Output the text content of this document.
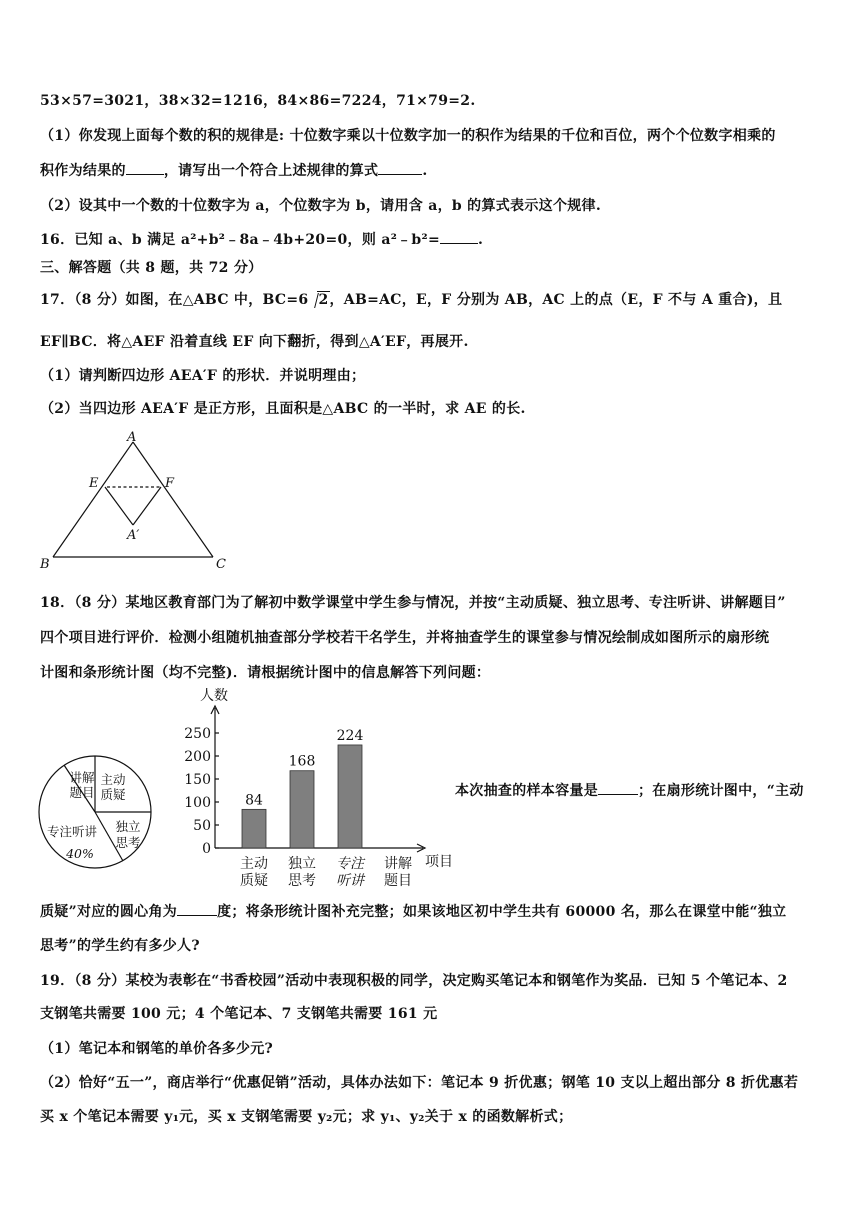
53×57=3021，38×32=1216，84×86=7224，71×79=2.
（1）你发现上面每个数的积的规律是: 十位数字乘以十位数字加一的积作为结果的千位和百位，两个个位数字相乘的
积作为结果的	，请写出一个符合上述规律的算式	.
（2）设其中一个数的十位数字为 a，个位数字为 b，请用含 a，b 的算式表示这个规律.
16．已知 a、b 满足 a²+b²﹣8a﹣4b+20=0，则 a²﹣b²=	.
三、解答题（共 8 题，共 72 分）
17．（8 分）如图，在△ABC 中，BC=6 2，AB=AC，E，F 分别为 AB，AC 上的点（E，F 不与 A 重合)，且
EF∥BC．将△AEF 沿着直线 EF 向下翻折，得到△A′EF，再展开.
（1）请判断四边形 AEA′F 的形状．并说明理由；
（2）当四边形 AEA′F 是正方形，且面积是△ABC 的一半时，求 AE 的长.
A
E	F
A′
B	C
18．（8 分）某地区教育部门为了解初中数学课堂中学生参与情况，并按“主动质疑、独立思考、专注听讲、讲解题目”
四个项目进行评价．检测小组随机抽查部分学校若干名学生，并将抽查学生的课堂参与情况绘制成如图所示的扇形统
计图和条形统计图（均不完整)．请根据统计图中的信息解答下列问题：
讲解
题目
主动
质疑
独立
思考
专注听讲
40%
人数
项目
0
50
100
150
200
250
84
主动
质疑
168
独立
思考
224
专注
听讲
讲解
题目
本次抽查的样本容量是	；在扇形统计图中，“主动
质疑”对应的圆心角为	度；将条形统计图补充完整；如果该地区初中学生共有 60000 名，那么在课堂中能“独立
思考”的学生约有多少人?
19．（8 分）某校为表彰在“书香校园”活动中表现积极的同学，决定购买笔记本和钢笔作为奖品．已知 5 个笔记本、2
支钢笔共需要 100 元；4 个笔记本、7 支钢笔共需要 161 元
（1）笔记本和钢笔的单价各多少元?
（2）恰好“五一”，商店举行“优惠促销”活动，具体办法如下：笔记本 9 折优惠；钢笔 10 支以上超出部分 8 折优惠若
买 x 个笔记本需要 y₁元，买 x 支钢笔需要 y₂元；求 y₁、y₂关于 x 的函数解析式；
